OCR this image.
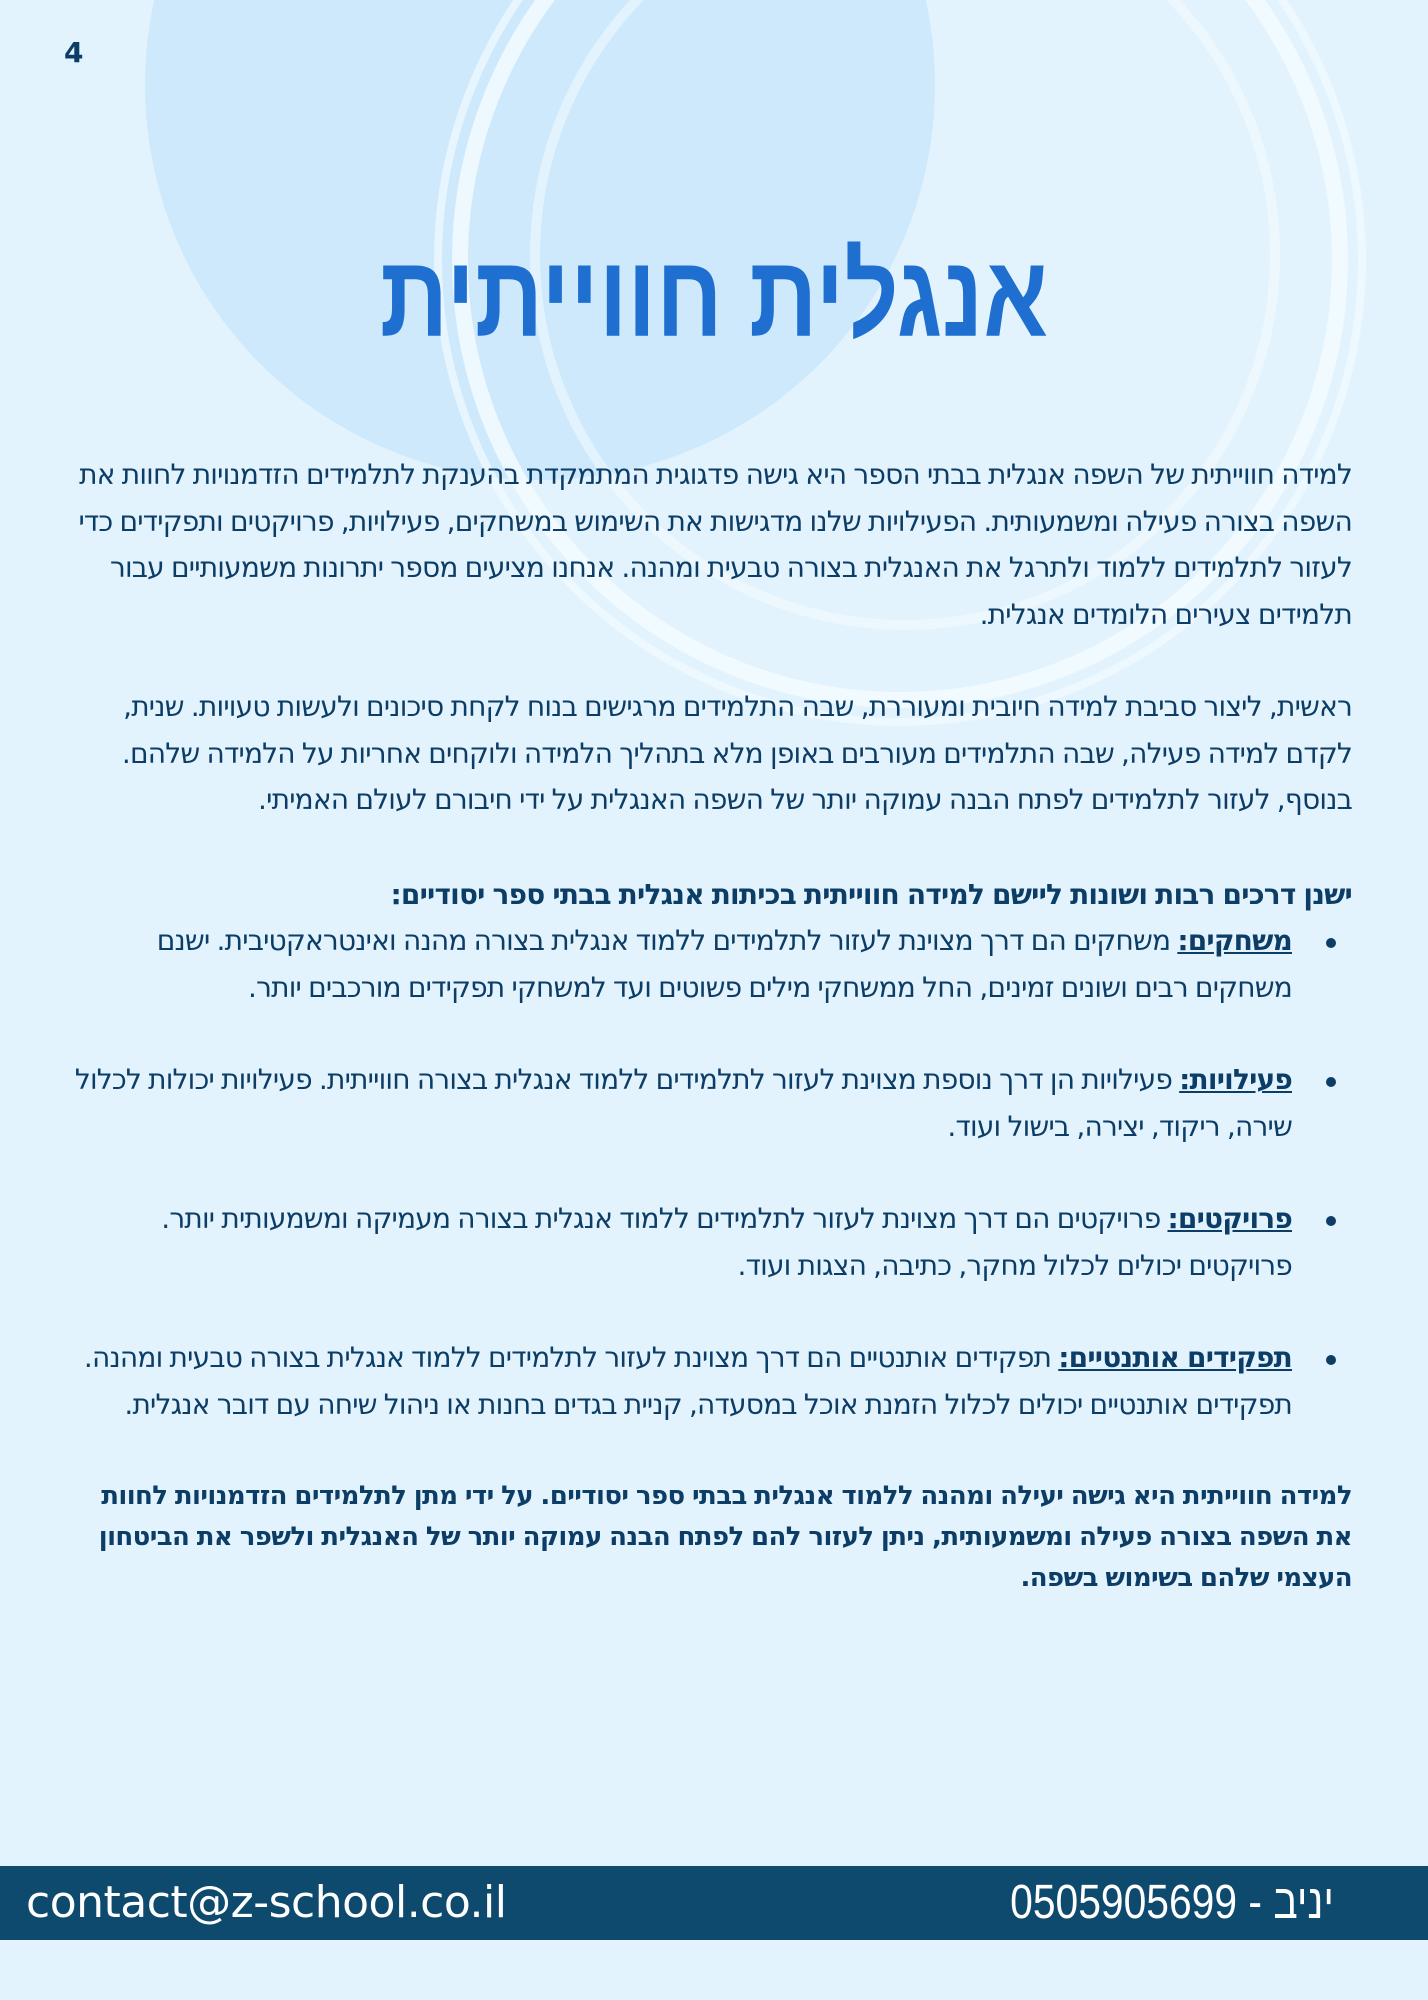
4
אנגלית חווייתית

למידה חווייתית של השפה אנגלית בבתי הספר היא גישה פדגוגית המתמקדת בהענקת לתלמידים הזדמנויות לחוות את השפה בצורה פעילה ומשמעותית. הפעילויות שלנו מדגישות את השימוש במשחקים, פעילויות, פרויקטים ותפקידים כדי לעזור לתלמידים ללמוד ולתרגל את האנגלית בצורה טבעית ומהנה. אנחנו מציעים מספר יתרונות משמעותיים עבור תלמידים צעירים הלומדים אנגלית.

ראשית, ליצור סביבת למידה חיובית ומעוררת, שבה התלמידים מרגישים בנוח לקחת סיכונים ולעשות טעויות. שנית, לקדם למידה פעילה, שבה התלמידים מעורבים באופן מלא בתהליך הלמידה ולוקחים אחריות על הלמידה שלהם. בנוסף, לעזור לתלמידים לפתח הבנה עמוקה יותר של השפה האנגלית על ידי חיבורם לעולם האמיתי.

ישנן דרכים רבות ושונות ליישם למידה חווייתית בכיתות אנגלית בבתי ספר יסודיים:

משחקים: משחקים הם דרך מצוינת לעזור לתלמידים ללמוד אנגלית בצורה מהנה ואינטראקטיבית. ישנם משחקים רבים ושונים זמינים, החל ממשחקי מילים פשוטים ועד למשחקי תפקידים מורכבים יותר.
פעילויות: פעילויות הן דרך נוספת מצוינת לעזור לתלמידים ללמוד אנגלית בצורה חווייתית. פעילויות יכולות לכלול שירה, ריקוד, יצירה, בישול ועוד.
פרויקטים: פרויקטים הם דרך מצוינת לעזור לתלמידים ללמוד אנגלית בצורה מעמיקה ומשמעותית יותר. פרויקטים יכולים לכלול מחקר, כתיבה, הצגות ועוד.
תפקידים אותנטיים: תפקידים אותנטיים הם דרך מצוינת לעזור לתלמידים ללמוד אנגלית בצורה טבעית ומהנה. תפקידים אותנטיים יכולים לכלול הזמנת אוכל במסעדה, קניית בגדים בחנות או ניהול שיחה עם דובר אנגלית.

למידה חווייתית היא גישה יעילה ומהנה ללמוד אנגלית בבתי ספר יסודיים. על ידי מתן לתלמידים הזדמנויות לחוות את השפה בצורה פעילה ומשמעותית, ניתן לעזור להם לפתח הבנה עמוקה יותר של האנגלית ולשפר את הביטחון העצמי שלהם בשימוש בשפה.

contact@z-school.co.il	יניב - 0505905699
